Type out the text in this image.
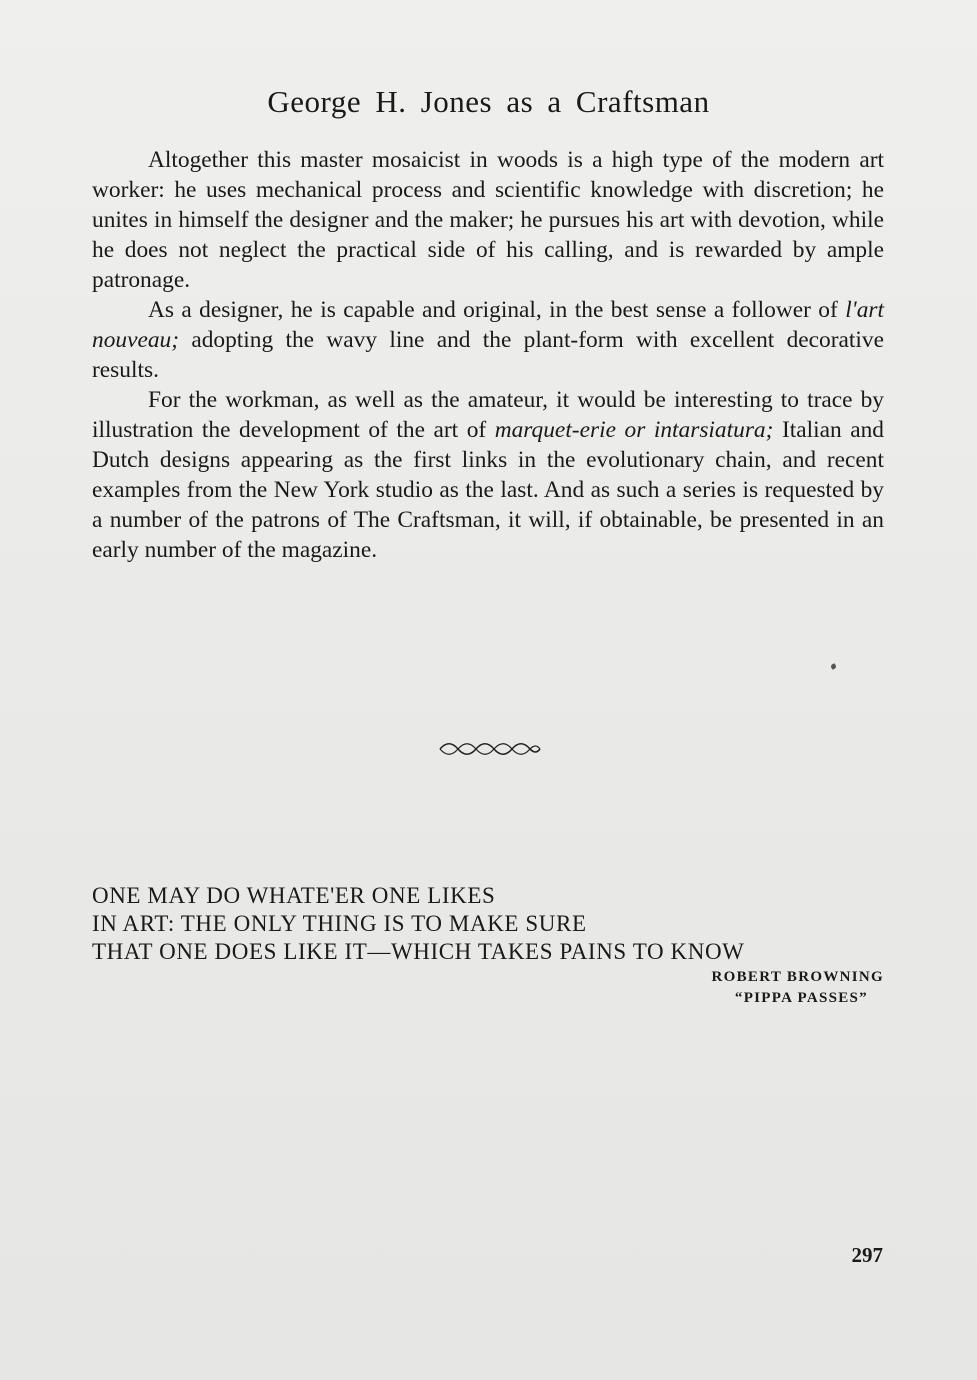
George H. Jones as a Craftsman

Altogether this master mosaicist in woods is a high type of the modern art worker: he uses mechanical process and scientific knowledge with discretion; he unites in himself the designer and the maker; he pursues his art with devotion, while he does not neglect the practical side of his calling, and is rewarded by ample patronage.

As a designer, he is capable and original, in the best sense a follower of l'art nouveau; adopting the wavy line and the plant-form with excellent decorative results.

For the workman, as well as the amateur, it would be interesting to trace by illustration the development of the art of marquet-erie or intarsiatura; Italian and Dutch designs appearing as the first links in the evolutionary chain, and recent examples from the New York studio as the last. And as such a series is requested by a number of the patrons of The Craftsman, it will, if obtainable, be presented in an early number of the magazine.

ONE MAY DO WHATE'ER ONE LIKES
IN ART: THE ONLY THING IS TO MAKE SURE
THAT ONE DOES LIKE IT—WHICH TAKES PAINS TO KNOW
ROBERT BROWNING
“PIPPA PASSES”
297
